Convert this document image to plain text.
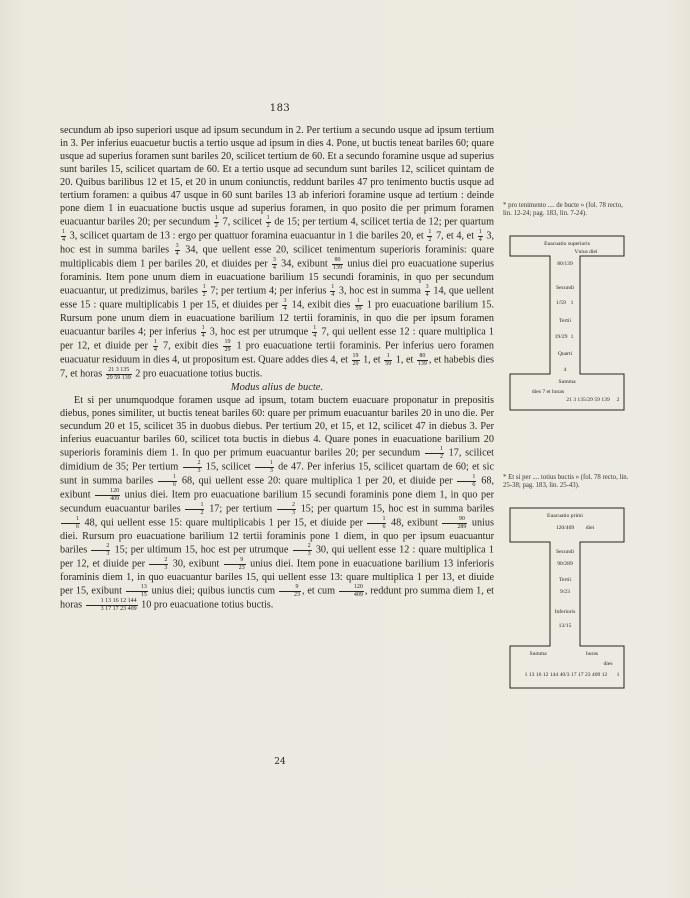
183

secundum ab ipso superiori usque ad ipsum secundum in 2. Per tertium a secundo usque ad ipsum tertium in 3. Per inferius euacuetur buctis a tertio usque ad ipsum in dies 4. Pone, ut buctis teneat bariles 60; quare usque ad superius foramen sunt bariles 20, scilicet tertium de 60. Et a secundo foramine usque ad superius sunt bariles 15, scilicet quartam de 60. Et a tertio usque ad secundum sunt bariles 12, scilicet quintam de 20. Quibus barilibus 12 et 15, et 20 in unum coniunctis, reddunt bariles 47 pro tenimento buctis usque ad tertium foramen: a quibus 47 usque in 60 sunt bariles 13 ab inferiori foramine usque ad tertium : deinde pone diem 1 in euacuatione buctis usque ad superius foramen, in quo posito die per primum foramen euacuantur bariles 20; per secundum $\frac{1}{2} 7$, scilicet $\frac{1}{2}$ de 15; per tertium 4, scilicet tertia de 12; per quartum
$\frac{1}{4} 3$, scilicet quartam de 13 : ergo per quattuor foramina euacuantur in 1 die bariles 20, et $\frac{1}{2} 7$, et 4, et $\frac{1}{4} 3$, hoc est in summa bariles $\frac{3}{4} 34$, que uellent esse 20, scilicet tenimentum superioris foraminis: quare multiplicabis diem 1 per bariles 20, et diuides per $\frac{3}{4} 34$, exibunt $\frac{80}{139}$ unius diei pro euacuatione superius foraminis. Item pone unum diem in euacuatione barilium 15 secundi foraminis, in quo per secundum euacuantur, ut predizimus, bariles $\frac{1}{2} 7$; per tertium 4; per inferius $\frac{1}{4} 3$, hoc est in summa $\frac{3}{4} 14$, que uellent esse 15 : quare multiplicabis 1 per 15, et diuides per $\frac{3}{4} 14$, exibit dies $\frac{1}{59} 1$ pro euacuatione barilium 15. Rursum pone unum diem in euacuatione barilium 12 tertii foraminis, in quo die per ipsum foramen euacuantur bariles 4; per inferius $\frac{1}{4} 3$, hoc est per utrumque $\frac{1}{4} 7$, qui uellent esse 12 : quare multiplica 1 per 12, et diuide per $\frac{1}{4} 7$, exibit dies $\frac{19}{29} 1$ pro euacuatione tertii foraminis. Per inferius uero foramen euacuatur residuum in dies 4, ut propositum est. Quare addes dies 4, et $\frac{19}{29} 1$, et $\frac{1}{59} 1$, et $\frac{80}{139}$ , et habebis dies 7, et horas $\frac{21 3 135}{29 59 139} 2$ pro euacuatione totius buctis.

Modus alius de bucte.

Et si per unumquodque foramen usque ad ipsum, totam buctem euacuare proponatur in prepositis diebus, pones similiter, ut buctis teneat bariles 60: quare per primum euacuantur bariles 20 in uno die. Per secundum 20 et 15, scilicet 35 in duobus diebus. Per tertium 20, et 15, et 12, scilicet 47 in diebus 3. Per inferius euacuantur bariles 60, scilicet tota buctis in diebus 4. Quare pones in euacuatione barilium 20 superioris foraminis diem 1. In quo per primum euacuantur bariles 20; per secundum $\frac{1}{2} 17$, scilicet dimidium de 35; Per tertium $\frac{2}{3} 15$, scilicet $\frac{1}{3}$ de 47. Per inferius 15, scilicet quartam de 60; et sic sunt in summa bariles $\frac{1}{6} 68$, qui uellent esse 20: quare multiplica 1 per 20, et diuide per $\frac{1}{6} 68$, exibunt $\frac{120}{409}$ unius diei. Item pro euacuatione barilium 15 secundi foraminis pone diem 1, in quo per secundum euacuantur bariles $\frac{1}{2} 17$; per tertium $\frac{2}{3} 15$; per quartum 15, hoc est in summa bariles
$\frac{1}{6} 48$, qui uellent esse 15: quare multiplicabis 1 per 15, et diuide per $\frac{1}{6} 48$, exibunt $\frac{90}{289}$ unius diei. Rursum pro euacuatione barilium 12 tertii foraminis pone 1 diem, in quo per ipsum euacuantur bariles $\frac{2}{3} 15$; per ultimum 15, hoc est per utrumque $\frac{2}{3} 30$, qui uellent esse 12 : quare multiplica 1 per 12, et diuide per $\frac{2}{3} 30$, exibunt $\frac{9}{23}$ unius diei. Item pone in euacuatione barilium 13 inferioris foraminis diem 1, in quo euacuantur bariles 15, qui uellent esse 13: quare multiplica 1 per 13, et diuide per 15, exibunt $\frac{13}{15}$ unius diei; quibus iunctis cum $\frac{9}{23}$ , et cum $\frac{120}{409}$ , reddunt pro summa diem 1, et horas $\frac{1 13 16 12 144}{3 17 17 23 409} 10$ pro euacuatione totius buctis.

24
* pro tenimento .... de bucte » (fol. 78 recto, lin. 12-24; pag. 183, lin. 7-24).
Euacuatio superioris
Vnius diei
80/139
Secundi
1/59 1
Tertii
19/29 1
Quarti
4
Summa
dies 7 et horas
21 3 135/29 59 139 2
* Et si per .... totius buctis » (fol. 78 recto, lin. 25-38; pag. 183, lin. 25-43).
Euacuatio primi
120/409 diei
Secundi
90/289
Tertii
9/23
Inferioris
13/15
Summa	horas
dies
1 13 16 12 144 40/3 17 17 23 409 12 1
